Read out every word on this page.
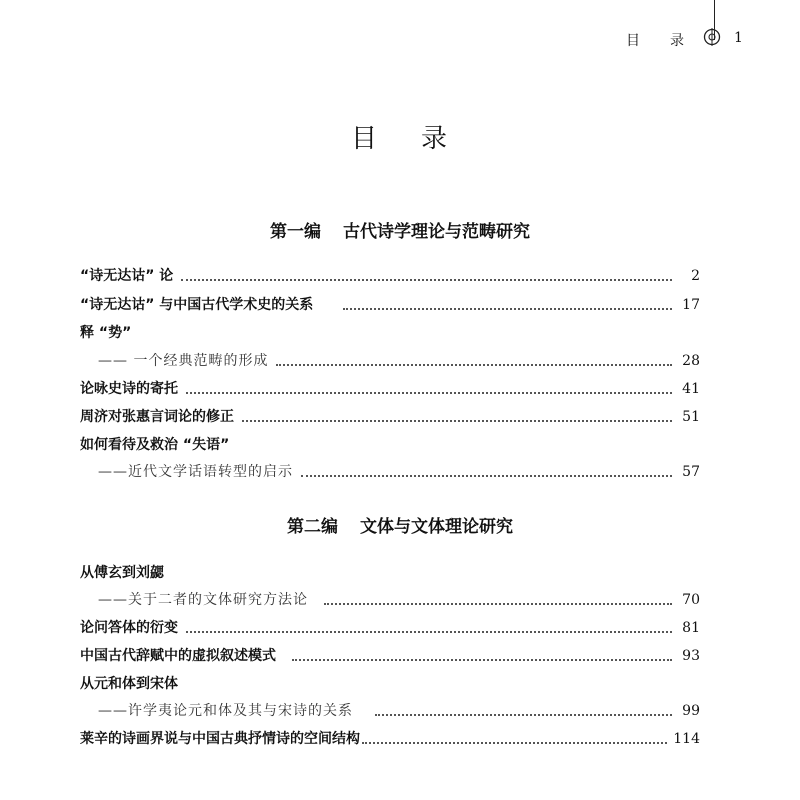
目 录	1
目 录
第一编 古代诗学理论与范畴研究
“诗无达诂” 论	2
“诗无达诂” 与中国古代学术史的关系	17
释 “势”
—— 一个经典范畴的形成	28
论咏史诗的寄托	41
周济对张惠言词论的修正	51
如何看待及救治 “失语”
——近代文学话语转型的启示	57
第二编 文体与文体理论研究
从傅玄到刘勰
——关于二者的文体研究方法论	70
论问答体的衍变	81
中国古代辞赋中的虚拟叙述模式	93
从元和体到宋体
——许学夷论元和体及其与宋诗的关系	99
莱辛的诗画界说与中国古典抒情诗的空间结构	114
